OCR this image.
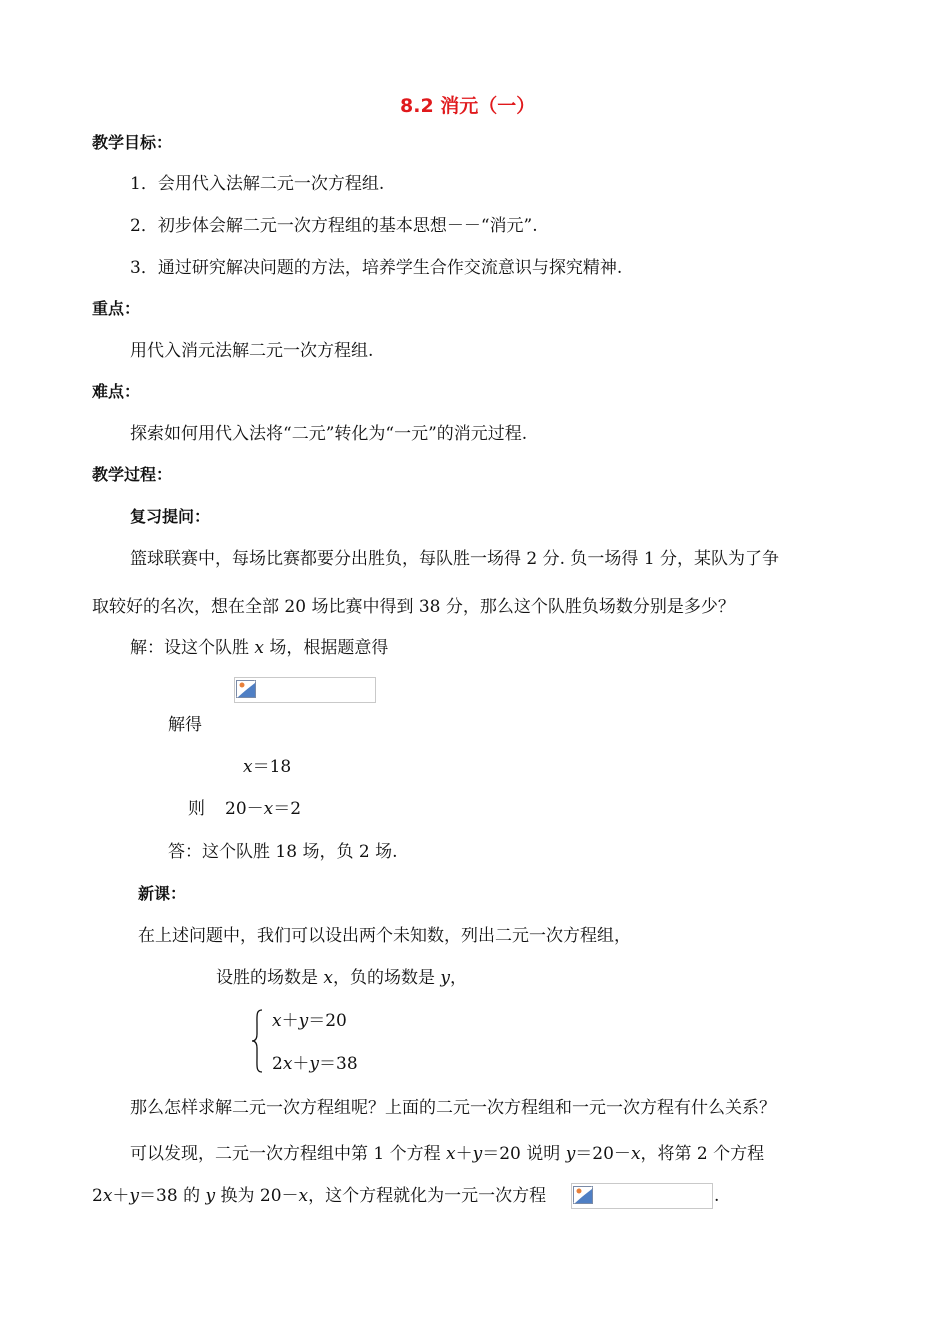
8.2 消元（一）
教学目标：
1．会用代入法解二元一次方程组.
2．初步体会解二元一次方程组的基本思想－－“消元”.
3．通过研究解决问题的方法，培养学生合作交流意识与探究精神.
重点：
用代入消元法解二元一次方程组.
难点：
探索如何用代入法将“二元”转化为“一元”的消元过程.
教学过程：
复习提问：
篮球联赛中，每场比赛都要分出胜负，每队胜一场得 2 分. 负一场得 1 分，某队为了争
取较好的名次，想在全部 20 场比赛中得到 38 分，那么这个队胜负场数分别是多少？
解：设这个队胜 x 场，根据题意得
解得
x＝18
则 20－x＝2
答：这个队胜 18 场，负 2 场.
新课：
在上述问题中，我们可以设出两个未知数，列出二元一次方程组，
设胜的场数是 x，负的场数是 y，
x＋y＝20
2x＋y＝38
那么怎样求解二元一次方程组呢？上面的二元一次方程组和一元一次方程有什么关系？
可以发现，二元一次方程组中第 1 个方程 x＋y＝20 说明 y＝20－x，将第 2 个方程
2x＋y＝38 的 y 换为 20－x，这个方程就化为一元一次方程	.
